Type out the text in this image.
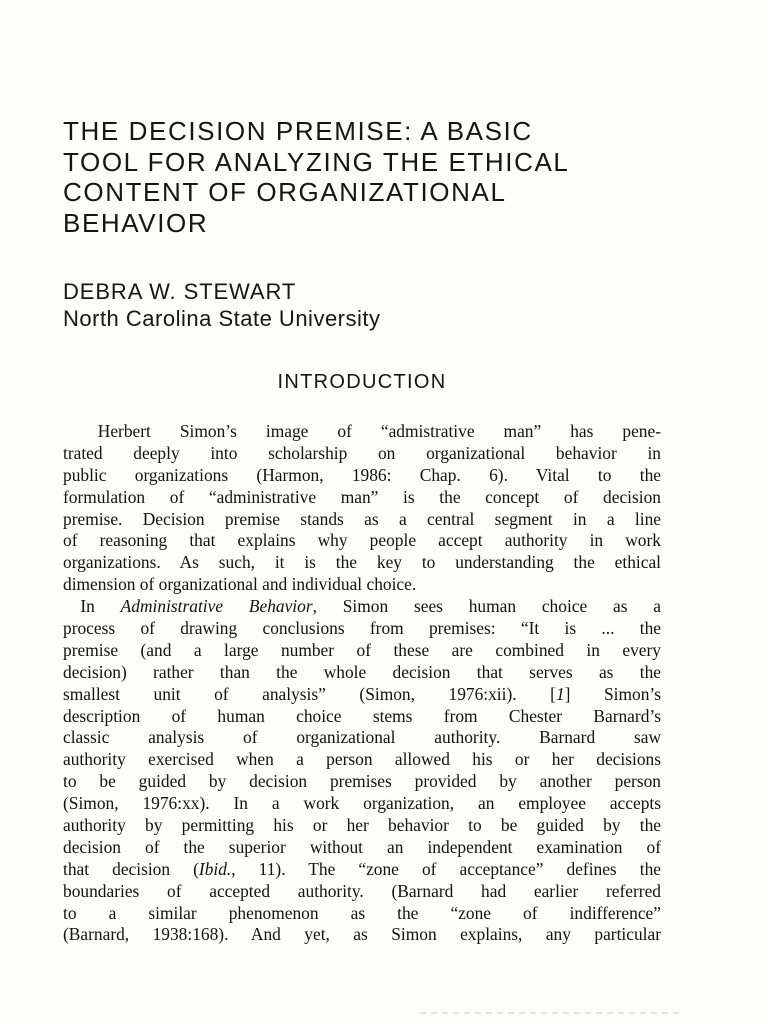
THE DECISION PREMISE: A BASIC
TOOL FOR ANALYZING THE ETHICAL
CONTENT OF ORGANIZATIONAL
BEHAVIOR
DEBRA W. STEWART
North Carolina State University
INTRODUCTION
  Herbert Simon’s image of “admistrative man” has pene-
trated deeply into scholarship on organizational behavior in
public organizations (Harmon, 1986: Chap. 6). Vital to the
formulation of “administrative man” is the concept of decision
premise. Decision premise stands as a central segment in a line
of reasoning that explains why people accept authority in work
organizations. As such, it is the key to understanding the ethical
dimension of organizational and individual choice.
 In Administrative Behavior, Simon sees human choice as a
process of drawing conclusions from premises: “It is ... the
premise (and a large number of these are combined in every
decision) rather than the whole decision that serves as the
smallest unit of analysis” (Simon, 1976:xii). [1] Simon’s
description of human choice stems from Chester Barnard’s
classic analysis of organizational authority. Barnard saw
authority exercised when a person allowed his or her decisions
to be guided by decision premises provided by another person
(Simon, 1976:xx). In a work organization, an employee accepts
authority by permitting his or her behavior to be guided by the
decision of the superior without an independent examination of
that decision (Ibid., 11). The “zone of acceptance” defines the
boundaries of accepted authority. (Barnard had earlier referred
to a similar phenomenon as the “zone of indifference”
(Barnard, 1938:168). And yet, as Simon explains, any particular
